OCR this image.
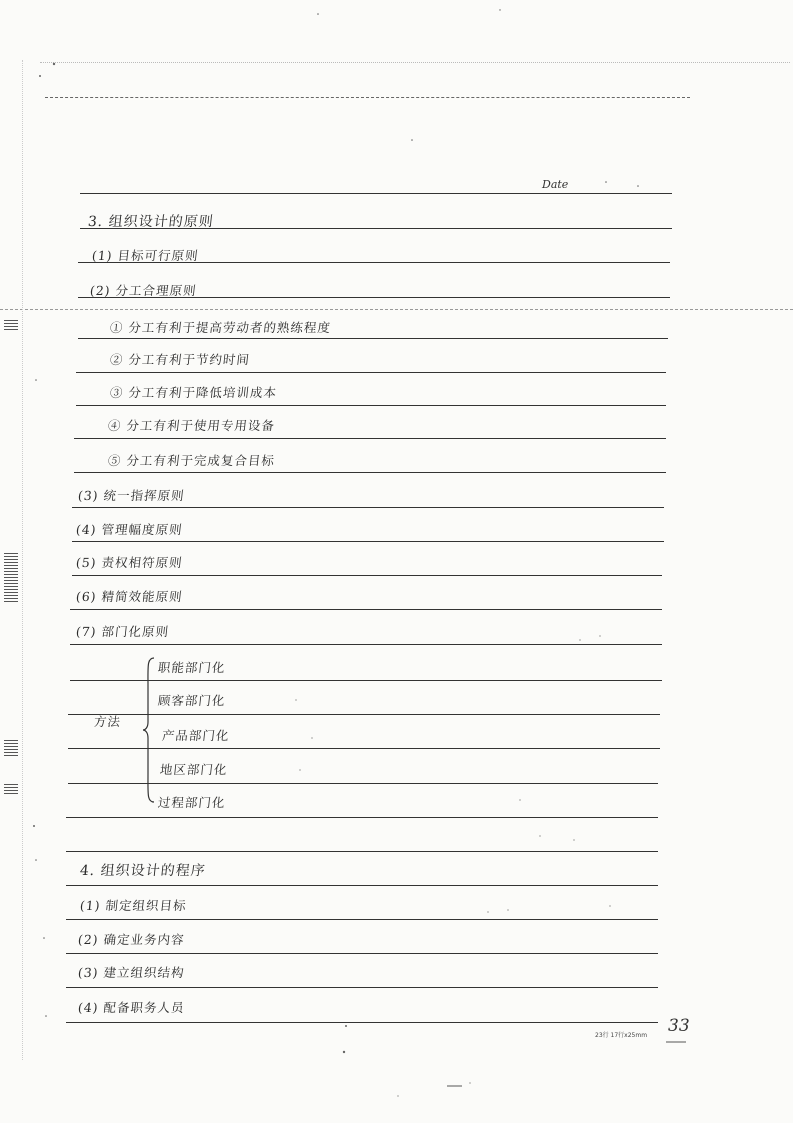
Date
3. 组织设计的原则
(1) 目标可行原则
(2) 分工合理原则
① 分工有利于提高劳动者的熟练程度
② 分工有利于节约时间
③ 分工有利于降低培训成本
④ 分工有利于使用专用设备
⑤ 分工有利于完成复合目标
(3) 统一指挥原则
(4) 管理幅度原则
(5) 责权相符原则
(6) 精简效能原则
(7) 部门化原则
方法
职能部门化
顾客部门化
产品部门化
地区部门化
过程部门化
4. 组织设计的程序
(1) 制定组织目标
(2) 确定业务内容
(3) 建立组织结构
(4) 配备职务人员
23行 17行x25mm 33
